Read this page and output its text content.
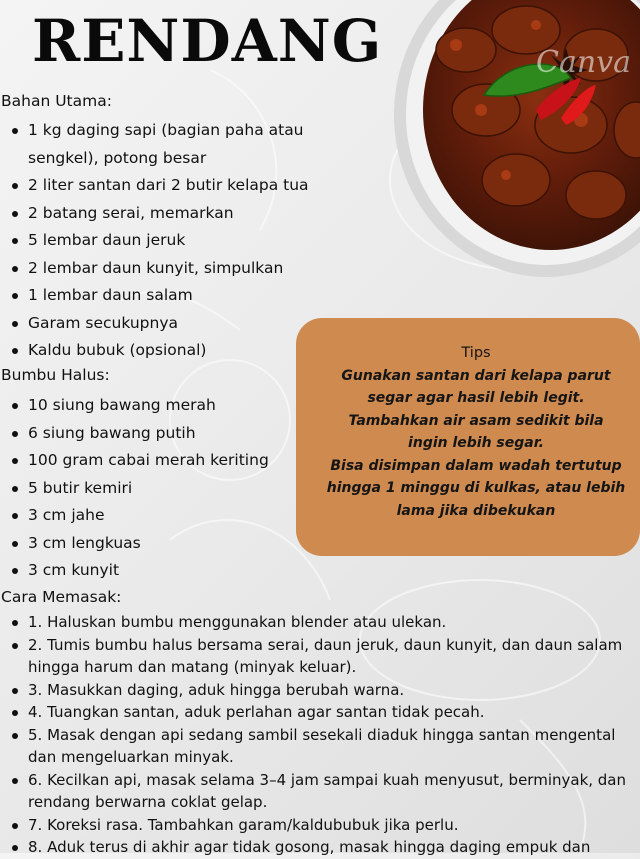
RENDANG	Canva
Bahan Utama:
1 kg daging sapi (bagian paha atau sengkel), potong besar
2 liter santan dari 2 butir kelapa tua
2 batang serai, memarkan
5 lembar daun jeruk
2 lembar daun kunyit, simpulkan
1 lembar daun salam
Garam secukupnya
Kaldu bubuk (opsional)
Bumbu Halus:
10 siung bawang merah
6 siung bawang putih
100 gram cabai merah keriting
5 butir kemiri
3 cm jahe
3 cm lengkuas
3 cm kunyit
Tips
Gunakan santan dari kelapa parut
segar agar hasil lebih legit.
Tambahkan air asam sedikit bila
ingin lebih segar.
Bisa disimpan dalam wadah tertutup
hingga 1 minggu di kulkas, atau lebih
lama jika dibekukan
Cara Memasak:
1. Haluskan bumbu menggunakan blender atau ulekan.
2. Tumis bumbu halus bersama serai, daun jeruk, daun kunyit, dan daun salam hingga harum dan matang (minyak keluar).
3. Masukkan daging, aduk hingga berubah warna.
4. Tuangkan santan, aduk perlahan agar santan tidak pecah.
5. Masak dengan api sedang sambil sesekali diaduk hingga santan mengental dan mengeluarkan minyak.
6. Kecilkan api, masak selama 3–4 jam sampai kuah menyusut, berminyak, dan rendang berwarna coklat gelap.
7. Koreksi rasa. Tambahkan garam/kaldububuk jika perlu.
8. Aduk terus di akhir agar tidak gosong, masak hingga daging empuk dan
